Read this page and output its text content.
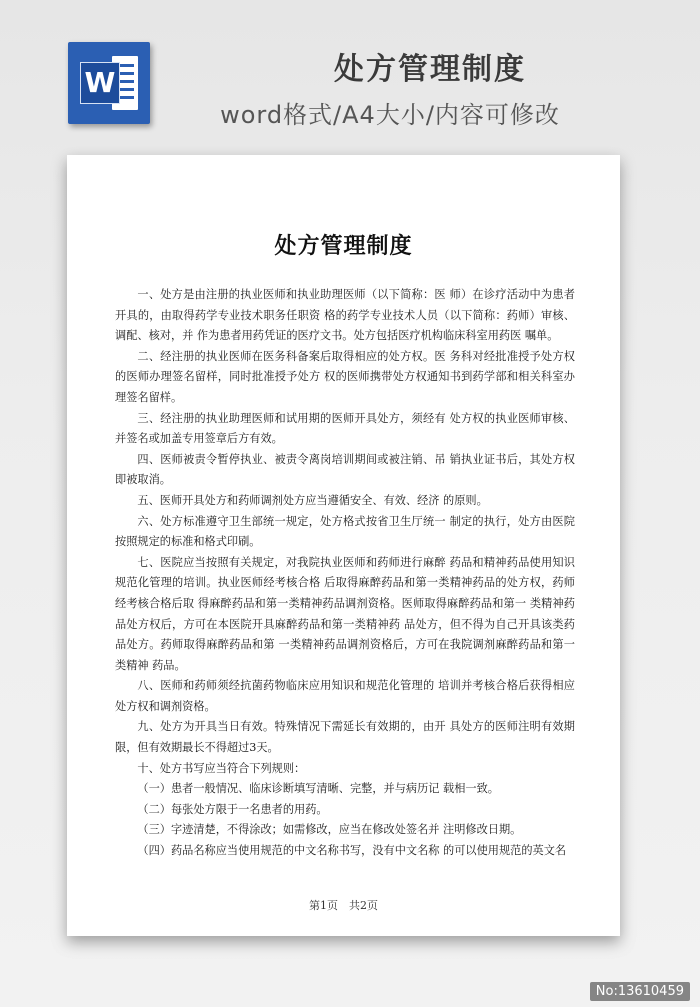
W	处方管理制度
word格式/A4大小/内容可修改
处方管理制度

一、处方是由注册的执业医师和执业助理医师（以下简称：医 师）在诊疗活动中为患者开具的，由取得药学专业技术职务任职资 格的药学专业技术人员（以下简称：药师）审核、调配、核对，并 作为患者用药凭证的医疗文书。处方包括医疗机构临床科室用药医 嘱单。

二、经注册的执业医师在医务科备案后取得相应的处方权。医 务科对经批准授予处方权的医师办理签名留样，同时批准授予处方 权的医师携带处方权通知书到药学部和相关科室办理签名留样。

三、经注册的执业助理医师和试用期的医师开具处方，须经有 处方权的执业医师审核、并签名或加盖专用签章后方有效。

四、医师被责令暂停执业、被责令离岗培训期间或被注销、吊 销执业证书后，其处方权即被取消。

五、医师开具处方和药师调剂处方应当遵循安全、有效、经济 的原则。

六、处方标准遵守卫生部统一规定，处方格式按省卫生厅统一 制定的执行，处方由医院按照规定的标准和格式印刷。

七、医院应当按照有关规定，对我院执业医师和药师进行麻醉 药品和精神药品使用知识规范化管理的培训。执业医师经考核合格 后取得麻醉药品和第一类精神药品的处方权，药师经考核合格后取 得麻醉药品和第一类精神药品调剂资格。医师取得麻醉药品和第一 类精神药品处方权后，方可在本医院开具麻醉药品和第一类精神药 品处方，但不得为自己开具该类药品处方。药师取得麻醉药品和第 一类精神药品调剂资格后，方可在我院调剂麻醉药品和第一类精神 药品。

八、医师和药师须经抗菌药物临床应用知识和规范化管理的 培训并考核合格后获得相应处方权和调剂资格。

九、处方为开具当日有效。特殊情况下需延长有效期的，由开 具处方的医师注明有效期限，但有效期最长不得超过3天。

十、处方书写应当符合下列规则：

（一）患者一般情况、临床诊断填写清晰、完整，并与病历记 载相一致。

（二）每张处方限于一名患者的用药。

（三）字迹清楚，不得涂改；如需修改，应当在修改处签名并 注明修改日期。

（四）药品名称应当使用规范的中文名称书写，没有中文名称 的可以使用规范的英文名

第1页　共2页
No:13610459
